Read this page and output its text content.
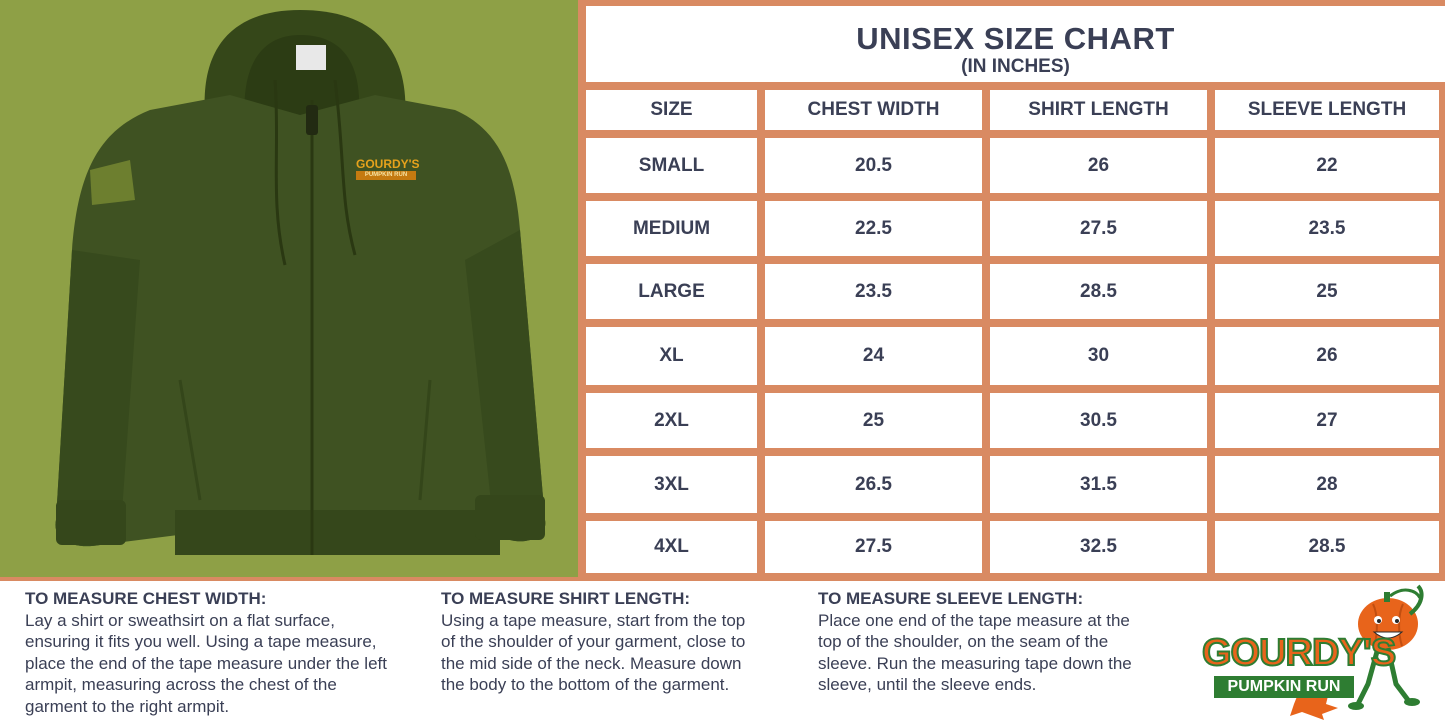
GOURDY'S
PUMPKIN RUN
UNISEX SIZE CHART
(IN INCHES)
SIZE	CHEST WIDTH	SHIRT LENGTH	SLEEVE LENGTH
SMALL	20.5	26	22
MEDIUM	22.5	27.5	23.5
LARGE	23.5	28.5	25
XL	24	30	26
2XL	25	30.5	27
3XL	26.5	31.5	28
4XL	27.5	32.5	28.5
TO MEASURE CHEST WIDTH:

Lay a shirt or sweathsirt on a flat surface,

ensuring it fits you well. Using a tape measure,

place the end of the tape measure under the left

armpit, measuring across the chest of the

garment to the right armpit.

TO MEASURE SHIRT LENGTH:

Using a tape measure, start from the top

of the shoulder of your garment, close to

the mid side of the neck. Measure down

the body to the bottom of the garment.

TO MEASURE SLEEVE LENGTH:

Place one end of the tape measure at the

top of the shoulder, on the seam of the

sleeve. Run the measuring tape down the

sleeve, until the sleeve ends.

GOURDY'S
PUMPKIN RUN
